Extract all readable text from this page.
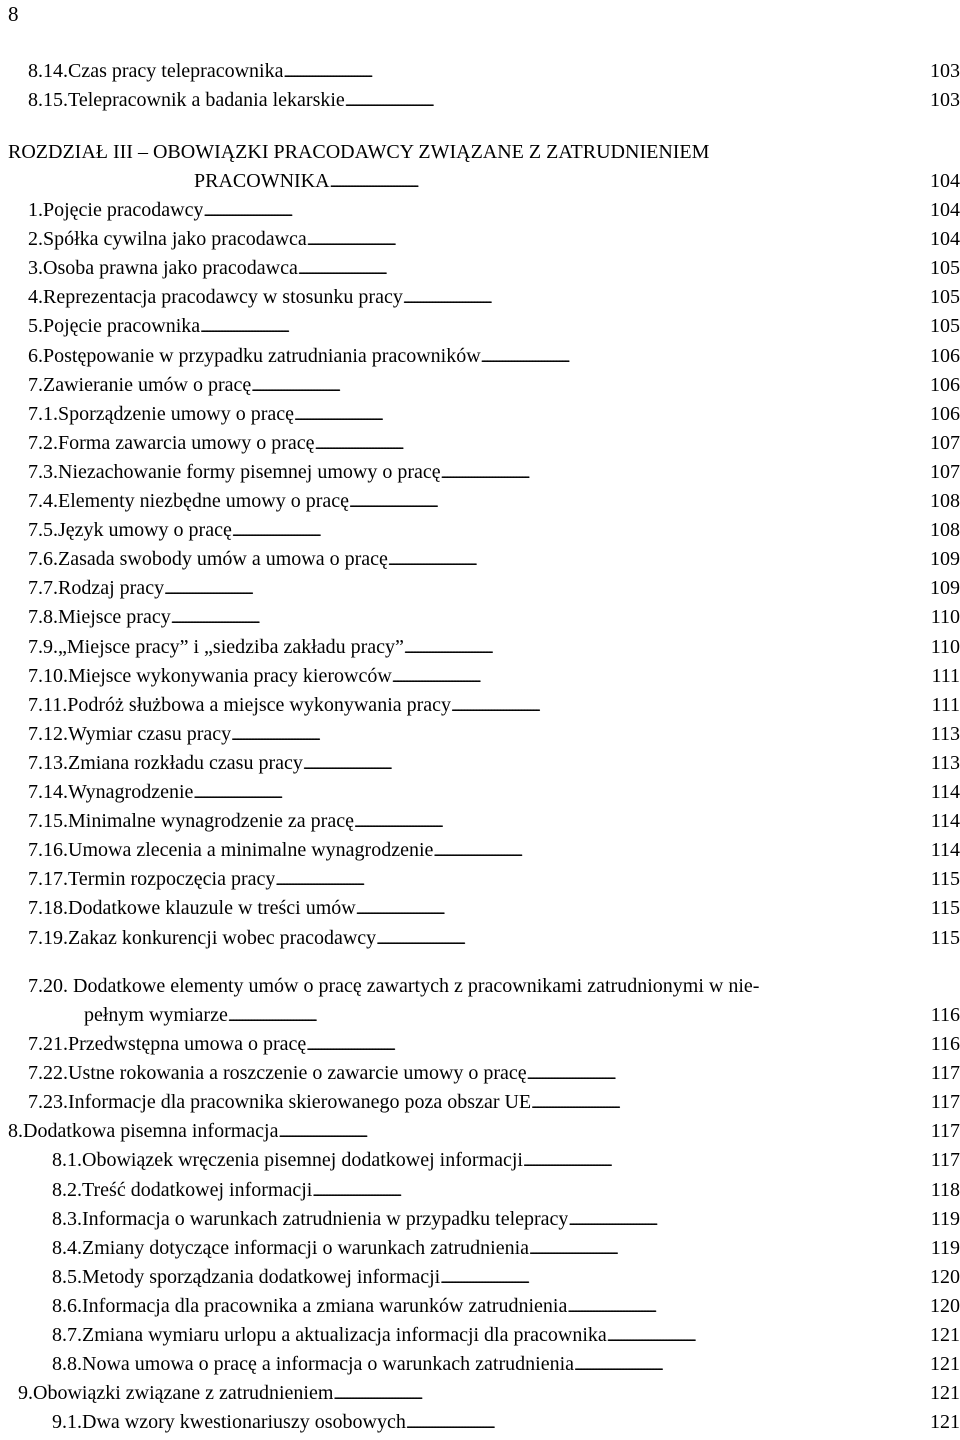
8
8.14. Czas pracy telepracownika . . .	103
8.15. Telepracownik a badania lekarskie . . .	103
ROZDZIAŁ III – OBOWIĄZKI PRACODAWCY ZWIĄZANE Z ZATRUDNIENIEM
PRACOWNIKA . . .	104
1. Pojęcie pracodawcy . . .	104
2. Spółka cywilna jako pracodawca . . .	104
3. Osoba prawna jako pracodawca . . .	105
4. Reprezentacja pracodawcy w stosunku pracy . . .	105
5. Pojęcie pracownika . . .	105
6. Postępowanie w przypadku zatrudniania pracowników . . .	106
7. Zawieranie umów o pracę . . .	106
7.1. Sporządzenie umowy o pracę . . .	106
7.2. Forma zawarcia umowy o pracę . . .	107
7.3. Niezachowanie formy pisemnej umowy o pracę . . .	107
7.4. Elementy niezbędne umowy o pracę . . .	108
7.5. Język umowy o pracę . . .	108
7.6. Zasada swobody umów a umowa o pracę . . .	109
7.7. Rodzaj pracy . . .	109
7.8. Miejsce pracy . . .	110
7.9. „Miejsce pracy” i „siedziba zakładu pracy” . . .	110
7.10. Miejsce wykonywania pracy kierowców . . .	111
7.11. Podróż służbowa a miejsce wykonywania pracy . . .	111
7.12. Wymiar czasu pracy . . .	113
7.13. Zmiana rozkładu czasu pracy . . .	113
7.14. Wynagrodzenie . . .	114
7.15. Minimalne wynagrodzenie za pracę . . .	114
7.16. Umowa zlecenia a minimalne wynagrodzenie . . .	114
7.17. Termin rozpoczęcia pracy . . .	115
7.18. Dodatkowe klauzule w treści umów . . .	115
7.19. Zakaz konkurencji wobec pracodawcy . . .	115
7.20. Dodatkowe elementy umów o pracę zawartych z pracownikami zatrudnionymi w nie-
pełnym wymiarze . . .	116
7.21. Przedwstępna umowa o pracę . . .	116
7.22. Ustne rokowania a roszczenie o zawarcie umowy o pracę . . .	117
7.23. Informacje dla pracownika skierowanego poza obszar UE . . .	117
8. Dodatkowa pisemna informacja . . .	117
8.1. Obowiązek wręczenia pisemnej dodatkowej informacji . . .	117
8.2. Treść dodatkowej informacji . . .	118
8.3. Informacja o warunkach zatrudnienia w przypadku telepracy . . .	119
8.4. Zmiany dotyczące informacji o warunkach zatrudnienia . . .	119
8.5. Metody sporządzania dodatkowej informacji . . .	120
8.6. Informacja dla pracownika a zmiana warunków zatrudnienia . . .	120
8.7. Zmiana wymiaru urlopu a aktualizacja informacji dla pracownika . . .	121
8.8. Nowa umowa o pracę a informacja o warunkach zatrudnienia . . .	121
9. Obowiązki związane z zatrudnieniem . . .	121
9.1. Dwa wzory kwestionariuszy osobowych . . .	121
